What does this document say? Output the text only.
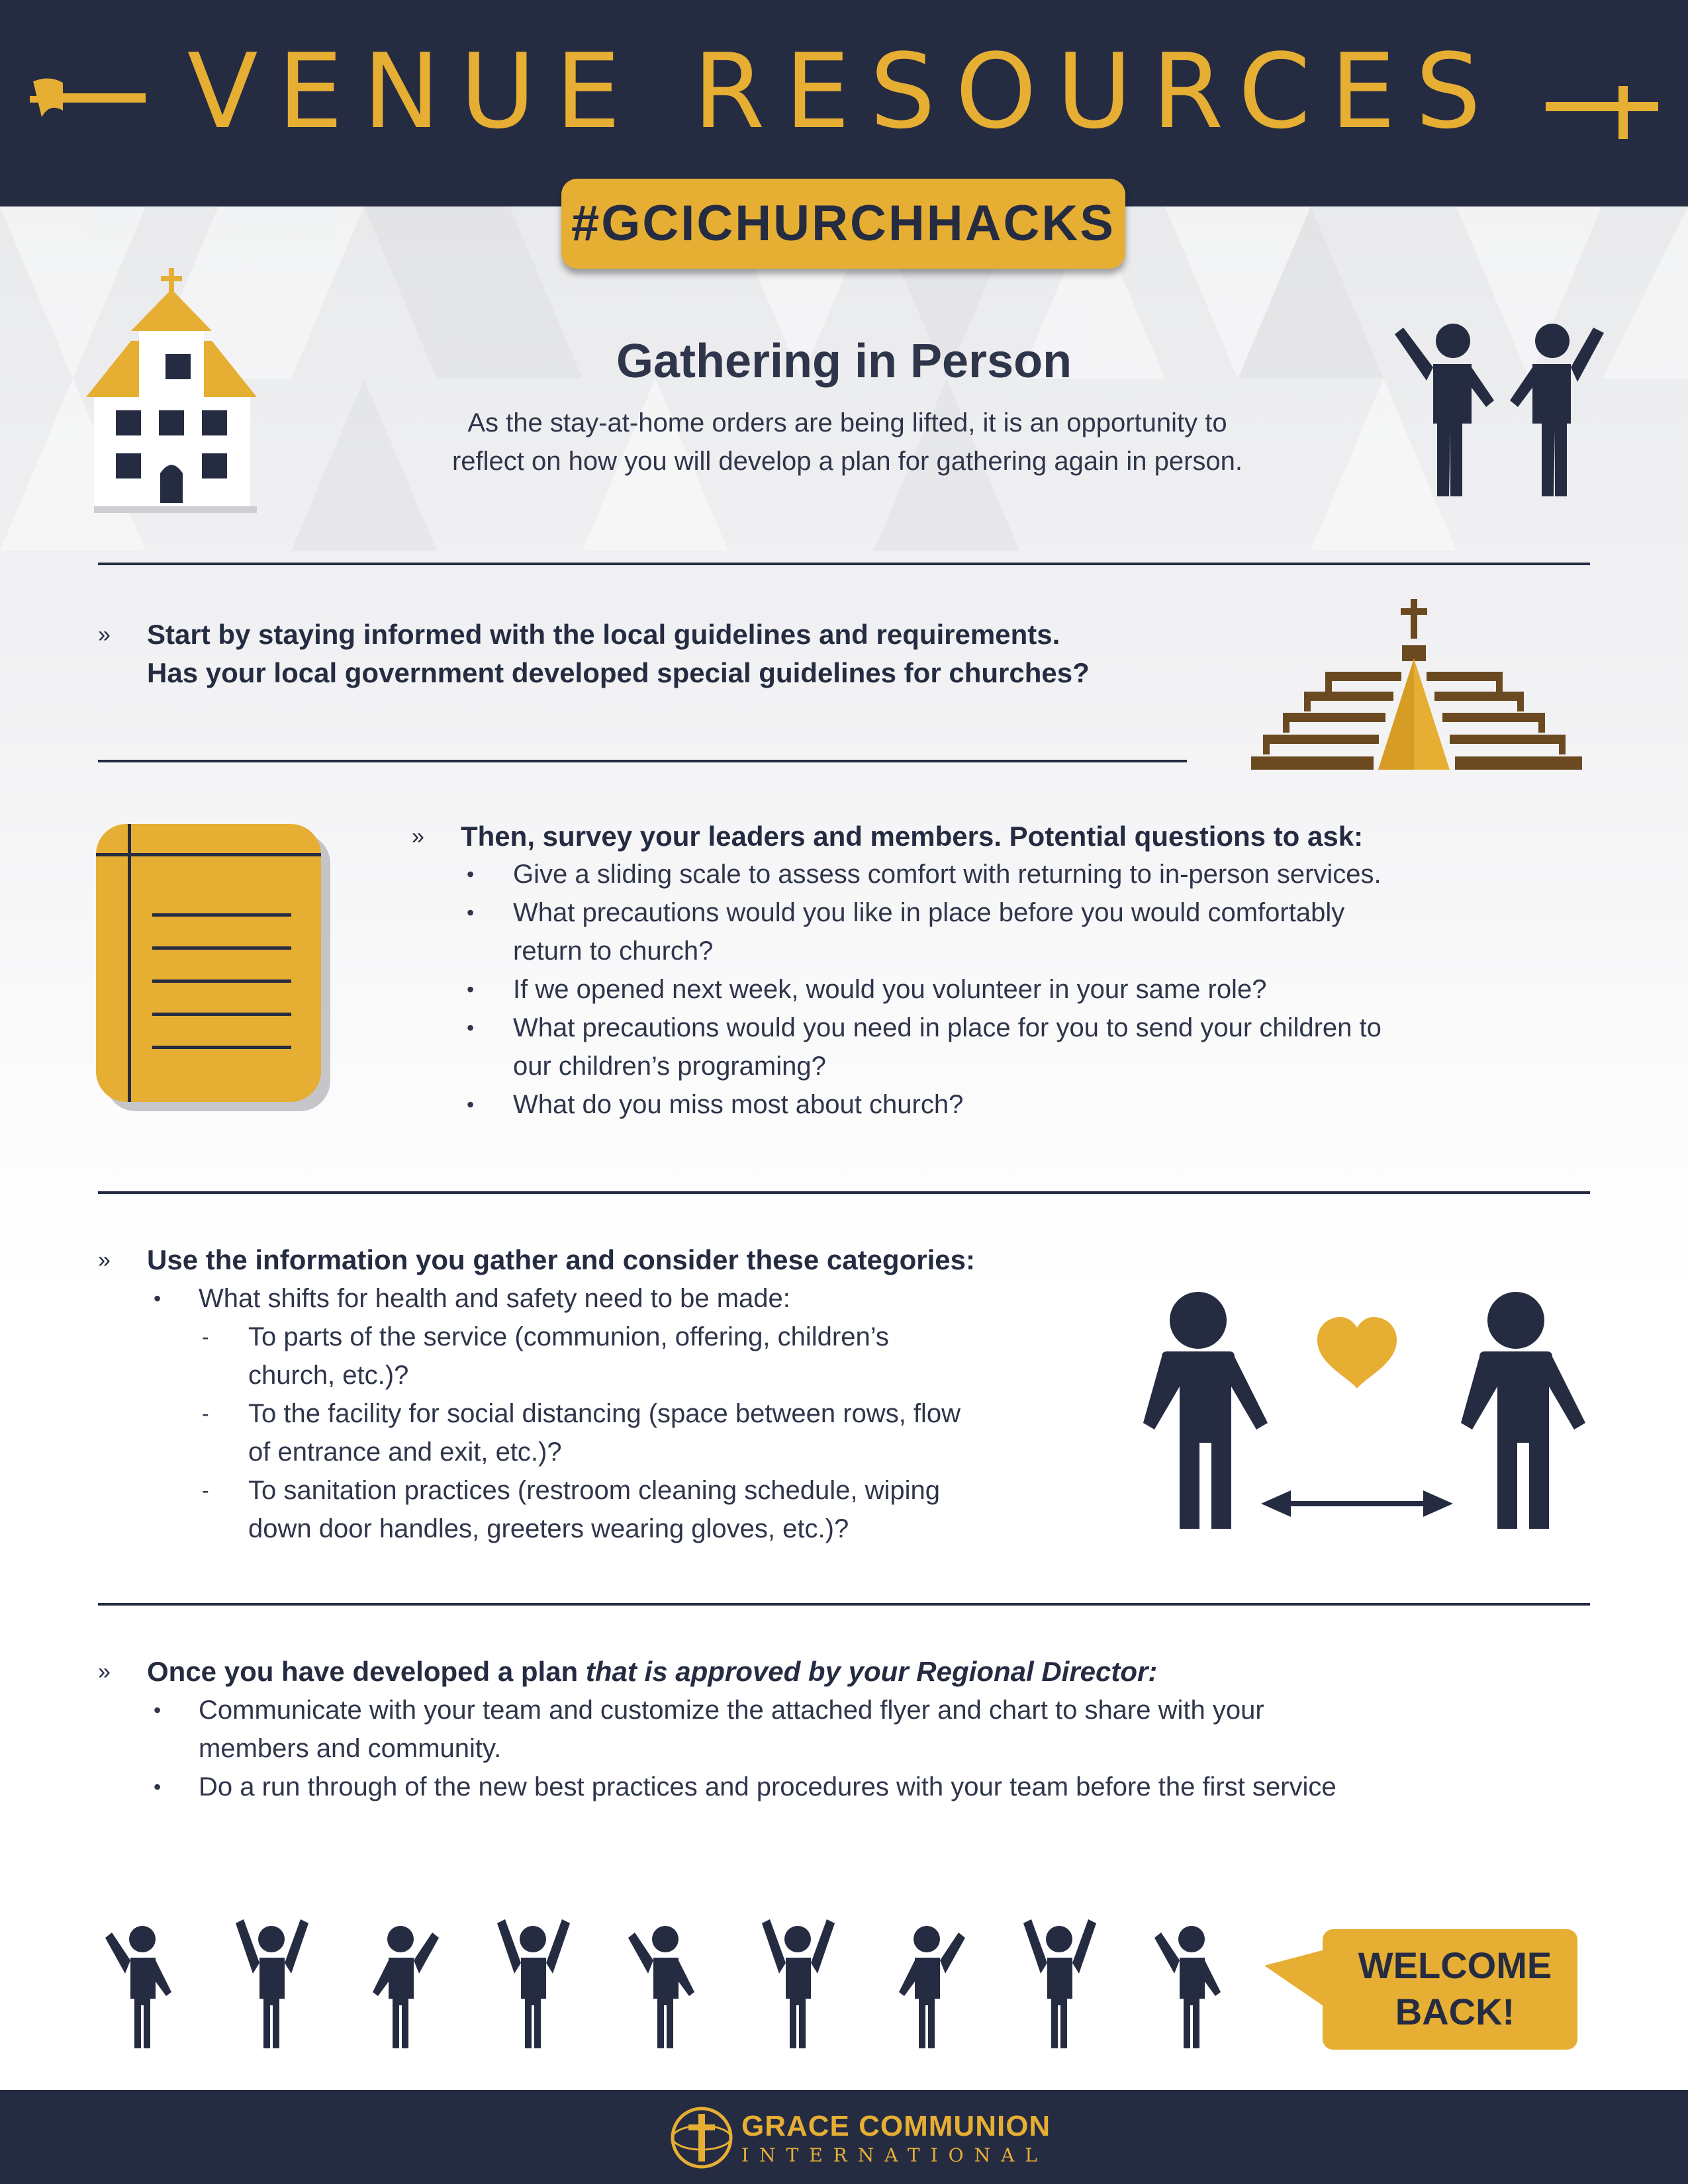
VENUE RESOURCES
#GCICHURCHHACKS
Gathering in Person
As the stay-at-home orders are being lifted, it is an opportunity to
reflect on how you will develop a plan for gathering again in person.
» Start by staying informed with the local guidelines and requirements.
Has your local government developed special guidelines for churches?
» Then, survey your leaders and members. Potential questions to ask:
• Give a sliding scale to assess comfort with returning to in-person services.
• What precautions would you like in place before you would comfortably
return to church?
• If we opened next week, would you volunteer in your same role?
• What precautions would you need in place for you to send your children to
our children’s programing?
• What do you miss most about church?
» Use the information you gather and consider these categories:
• What shifts for health and safety need to be made:
- To parts of the service (communion, offering, children’s
church, etc.)?
- To the facility for social distancing (space between rows, flow
of entrance and exit, etc.)?
- To sanitation practices (restroom cleaning schedule, wiping
down door handles, greeters wearing gloves, etc.)?
» Once you have developed a plan that is approved by your Regional Director:
• Communicate with your team and customize the attached flyer and chart to share with your
members and community.
• Do a run through of the new best practices and procedures with your team before the first service
WELCOME
BACK!
GRACE COMMUNION
INTERNATIONAL
